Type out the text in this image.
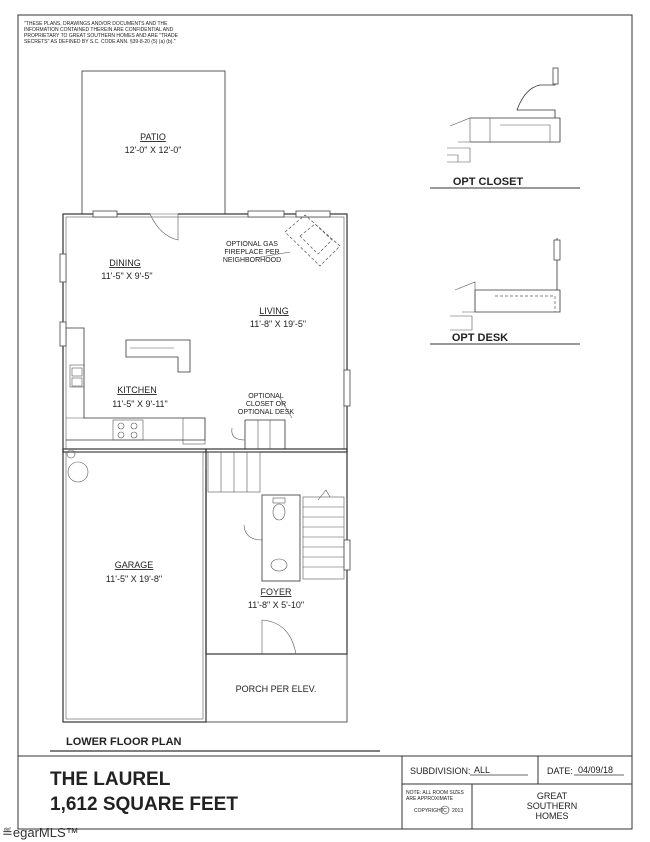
"THESE PLANS, DRAWINGS AND/OR DOCUMENTS AND THE
INFORMATION CONTAINED THEREIN ARE CONFIDENTIAL AND
PROPRIETARY TO GREAT SOUTHERN HOMES AND ARE "TRADE
SECRETS" AS DEFINED BY S.C. CODE ANN. §39-8-20 (5) (a) (b)."
PATIO
12'-0" X 12'-0"
DINING
11'-5" X 9'-5"
LIVING
11'-8" X 19'-5"
KITCHEN
11'-5" X 9'-11"
GARAGE
11'-5" X 19'-8"
FOYER
11'-8" X 5'-10"
PORCH PER ELEV.
OPTIONAL GAS
FIREPLACE PER
NEIGHBORHOOD
OPTIONAL
CLOSET OR
OPTIONAL DESK
OPT CLOSET
OPT DESK
LOWER FLOOR PLAN
THE LAUREL
1,612 SQUARE FEET
SUBDIVISION: ALL	DATE: 04/09/18
NOTE: ALL ROOM SIZES
ARE APPROXIMATE
COPYRIGHT C 2013
GREAT
SOUTHERN
HOMES
≝egarMLS™
